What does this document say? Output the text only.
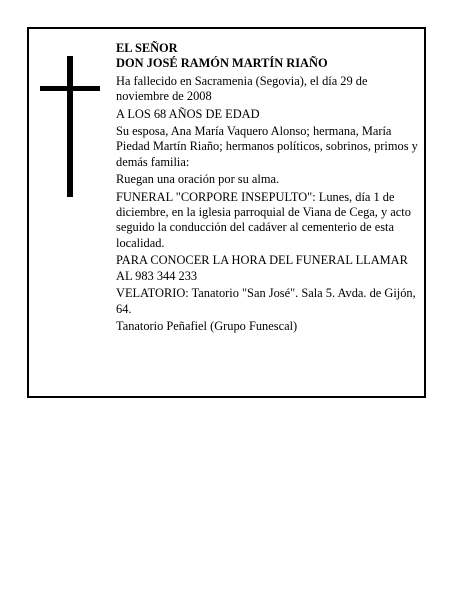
EL SEÑOR

DON JOSÉ RAMÓN MARTÍN RIAÑO

Ha fallecido en Sacramenia (Segovia), el día 29 de noviembre de 2008

A LOS 68 AÑOS DE EDAD

Su esposa, Ana María Vaquero Alonso; hermana, María Piedad Martín Riaño; hermanos políticos, sobrinos, primos y demás familia:

Ruegan una oración por su alma.

FUNERAL "CORPORE INSEPULTO": Lunes, día 1 de diciembre, en la iglesia parroquial de Viana de Cega, y acto seguido la conducción del cadáver al cementerio de esta localidad.

PARA CONOCER LA HORA DEL FUNERAL LLAMAR AL 983 344 233

VELATORIO: Tanatorio "San José". Sala 5. Avda. de Gijón, 64.

Tanatorio Peñafiel (Grupo Funescal)
